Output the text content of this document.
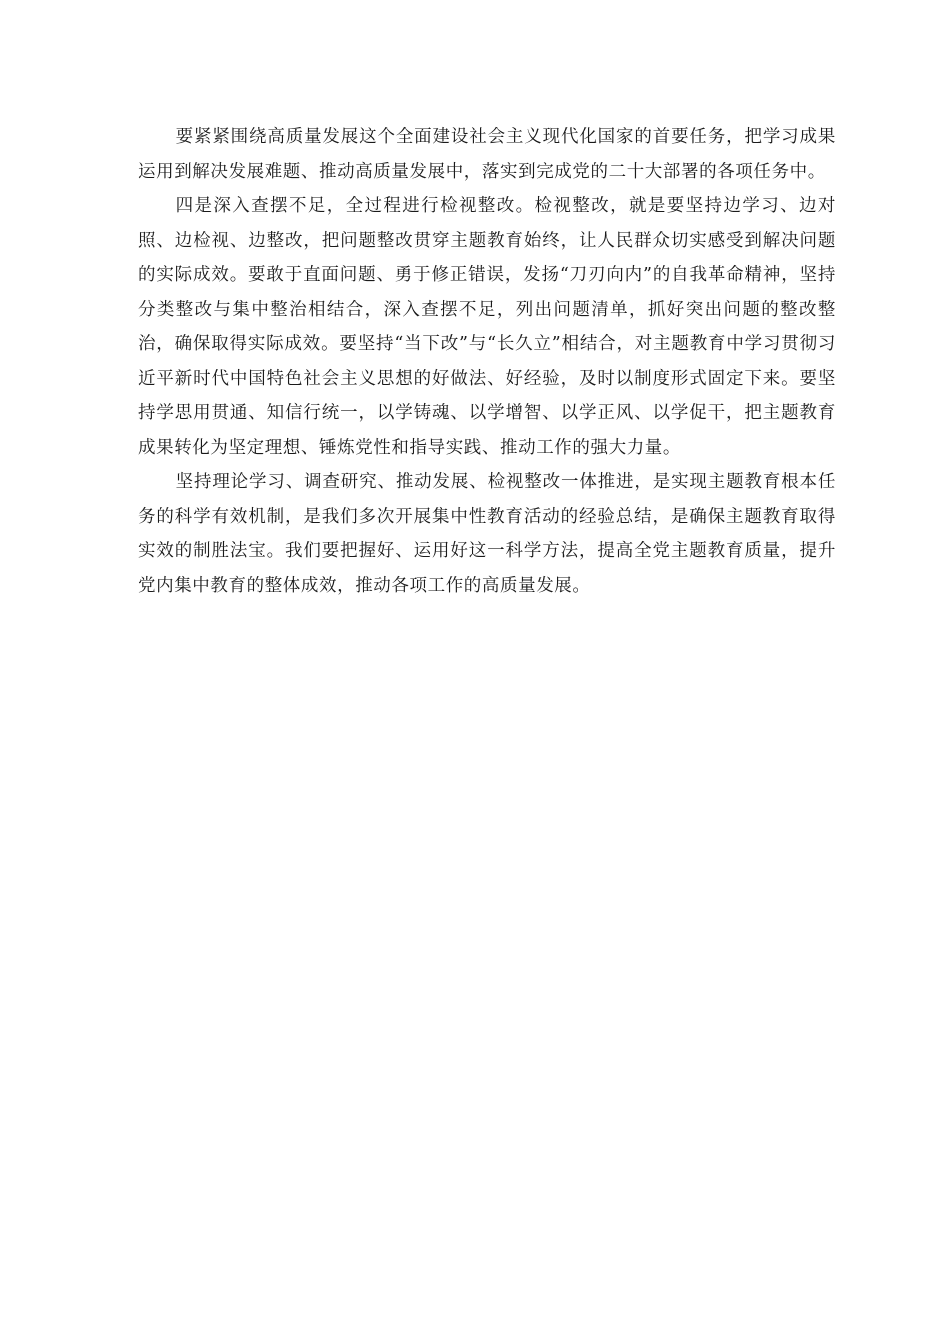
要紧紧围绕高质量发展这个全面建设社会主义现代化国家的首要任务，把学习成果运用到解决发展难题、推动高质量发展中，落实到完成党的二十大部署的各项任务中。

四是深入查摆不足，全过程进行检视整改。检视整改，就是要坚持边学习、边对照、边检视、边整改，把问题整改贯穿主题教育始终，让人民群众切实感受到解决问题的实际成效。要敢于直面问题、勇于修正错误，发扬“刀刃向内”的自我革命精神，坚持分类整改与集中整治相结合，深入查摆不足，列出问题清单，抓好突出问题的整改整治，确保取得实际成效。要坚持“当下改”与“长久立”相结合，对主题教育中学习贯彻习近平新时代中国特色社会主义思想的好做法、好经验，及时以制度形式固定下来。要坚持学思用贯通、知信行统一，以学铸魂、以学增智、以学正风、以学促干，把主题教育成果转化为坚定理想、锤炼党性和指导实践、推动工作的强大力量。

坚持理论学习、调查研究、推动发展、检视整改一体推进，是实现主题教育根本任务的科学有效机制，是我们多次开展集中性教育活动的经验总结，是确保主题教育取得实效的制胜法宝。我们要把握好、运用好这一科学方法，提高全党主题教育质量，提升党内集中教育的整体成效，推动各项工作的高质量发展。
